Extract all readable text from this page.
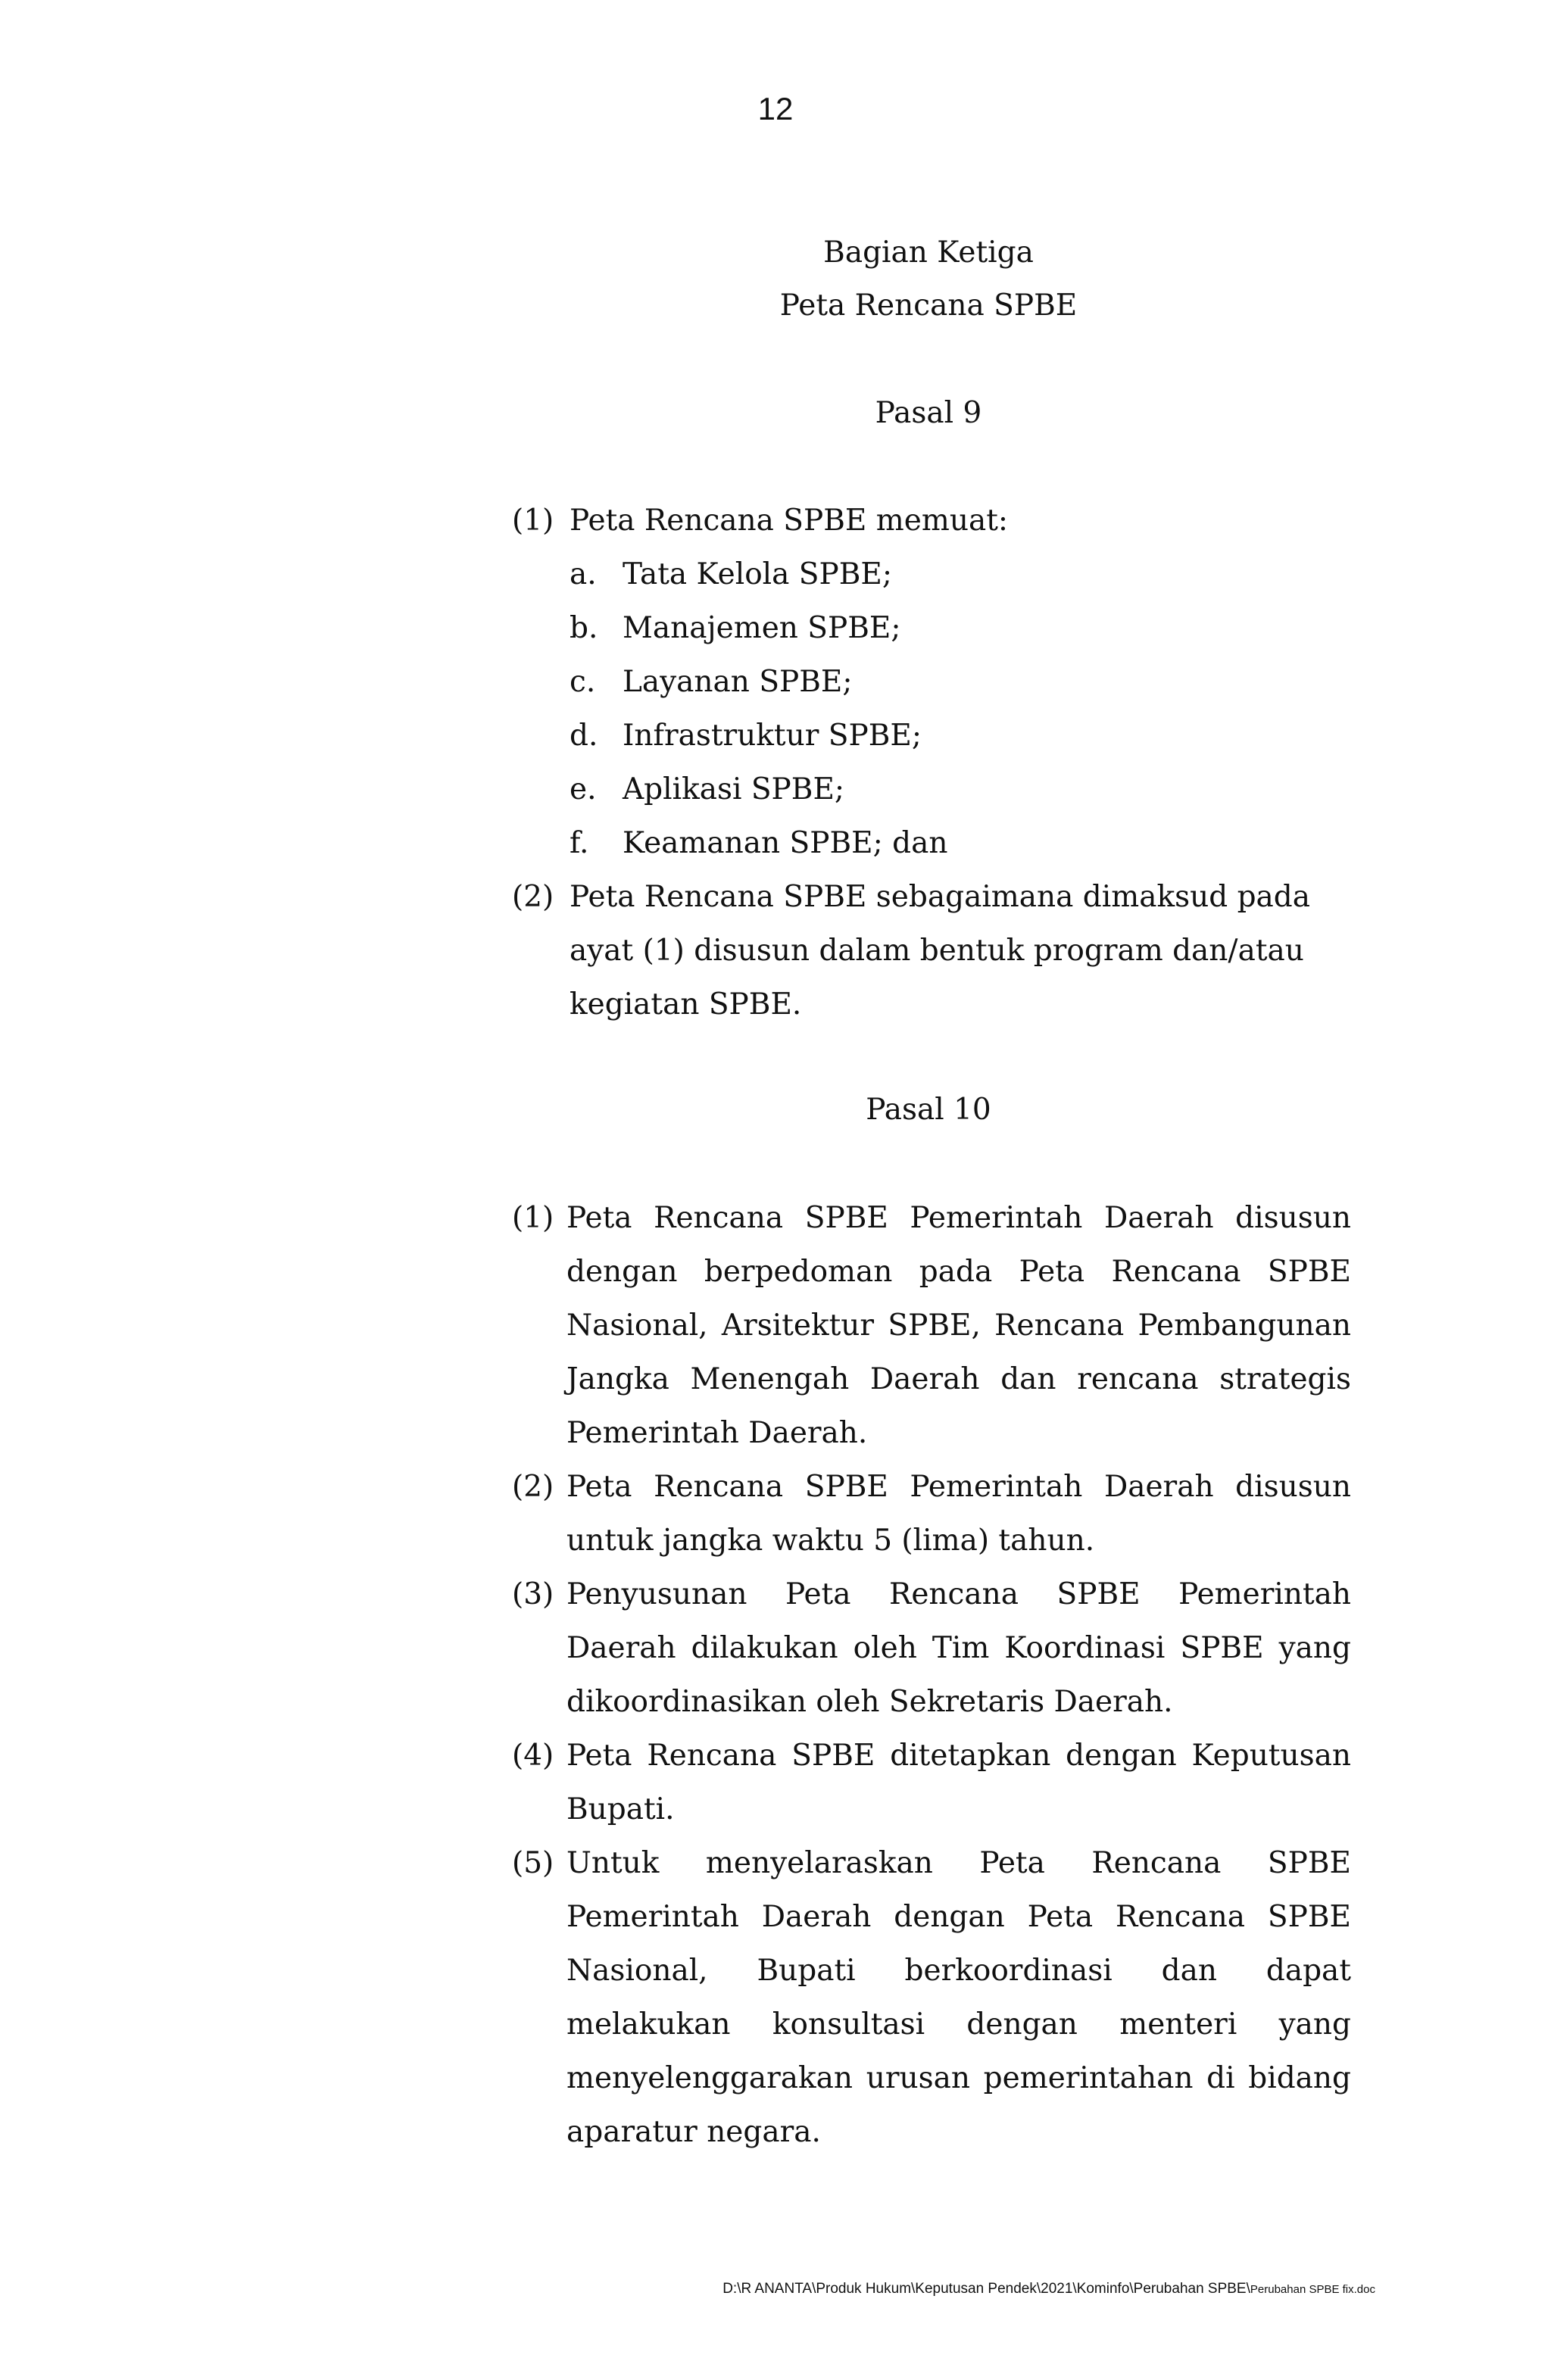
12
Bagian Ketiga
Peta Rencana SPBE
Pasal 9
(1) Peta Rencana SPBE memuat:
a. Tata Kelola SPBE;
b. Manajemen SPBE;
c. Layanan SPBE;
d. Infrastruktur SPBE;
e. Aplikasi SPBE;
f. Keamanan SPBE; dan
(2) Peta Rencana SPBE sebagaimana dimaksud pada
ayat (1) disusun dalam bentuk program dan/atau
kegiatan SPBE.
Pasal 10
(1) Peta Rencana SPBE Pemerintah Daerah disusun
dengan berpedoman pada Peta Rencana SPBE
Nasional, Arsitektur SPBE, Rencana Pembangunan
Jangka Menengah Daerah dan rencana strategis
Pemerintah Daerah.
(2) Peta Rencana SPBE Pemerintah Daerah disusun
untuk jangka waktu 5 (lima) tahun.
(3) Penyusunan Peta Rencana SPBE Pemerintah
Daerah dilakukan oleh Tim Koordinasi SPBE yang
dikoordinasikan oleh Sekretaris Daerah.
(4) Peta Rencana SPBE ditetapkan dengan Keputusan
Bupati.
(5) Untuk menyelaraskan Peta Rencana SPBE
Pemerintah Daerah dengan Peta Rencana SPBE
Nasional, Bupati berkoordinasi dan dapat
melakukan konsultasi dengan menteri yang
menyelenggarakan urusan pemerintahan di bidang
aparatur negara.
D:\R ANANTA\Produk Hukum\Keputusan Pendek\2021\Kominfo\Perubahan SPBE\Perubahan SPBE fix.doc
